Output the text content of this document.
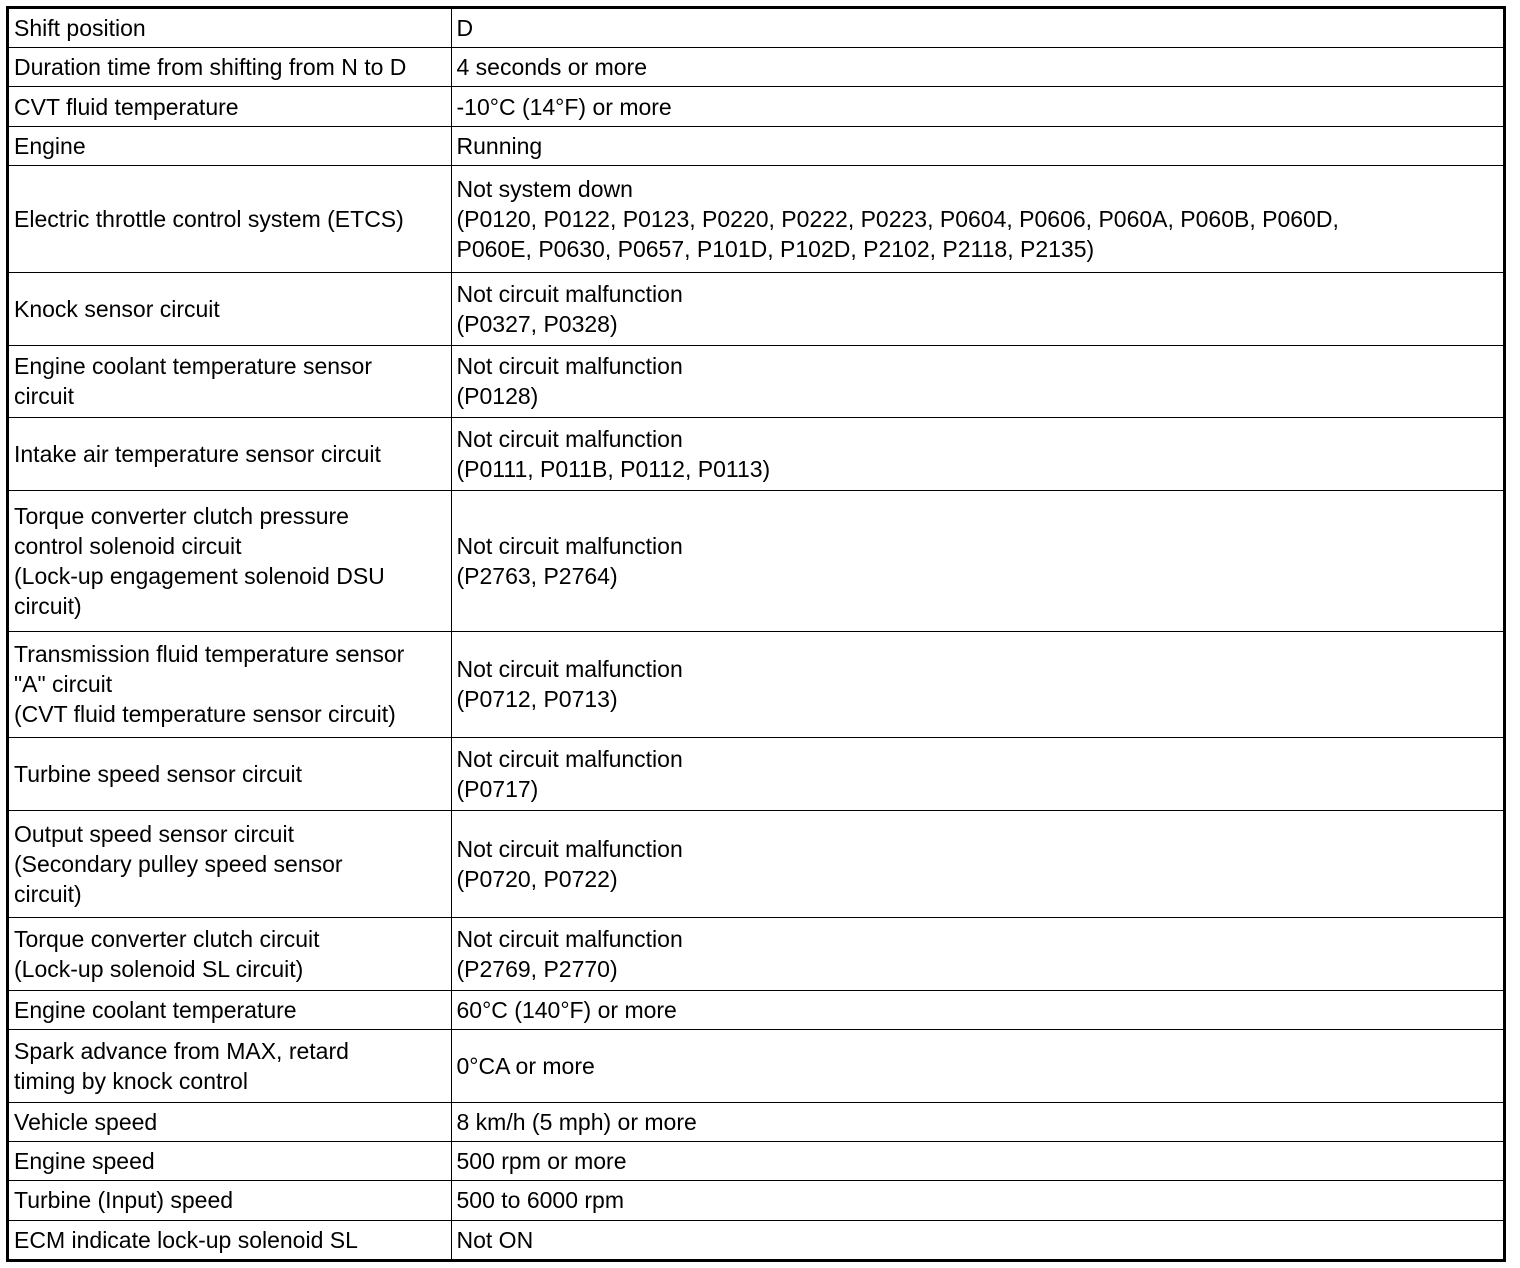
Shift position	D

Duration time from shifting from N to D	4 seconds or more

CVT fluid temperature	-10°C (14°F) or more

Engine	Running

Electric throttle control system (ETCS)	Not system down
(P0120, P0122, P0123, P0220, P0222, P0223, P0604, P0606, P060A, P060B, P060D,
P060E, P0630, P0657, P101D, P102D, P2102, P2118, P2135)

Knock sensor circuit	Not circuit malfunction
(P0327, P0328)

Engine coolant temperature sensor
circuit	Not circuit malfunction
(P0128)

Intake air temperature sensor circuit	Not circuit malfunction
(P0111, P011B, P0112, P0113)

Torque converter clutch pressure
control solenoid circuit
(Lock-up engagement solenoid DSU
circuit)	Not circuit malfunction
(P2763, P2764)

Transmission fluid temperature sensor
"A" circuit
(CVT fluid temperature sensor circuit)	Not circuit malfunction
(P0712, P0713)

Turbine speed sensor circuit	Not circuit malfunction
(P0717)

Output speed sensor circuit
(Secondary pulley speed sensor
circuit)	Not circuit malfunction
(P0720, P0722)

Torque converter clutch circuit
(Lock-up solenoid SL circuit)	Not circuit malfunction
(P2769, P2770)

Engine coolant temperature	60°C (140°F) or more

Spark advance from MAX, retard
timing by knock control	0°CA or more

Vehicle speed	8 km/h (5 mph) or more

Engine speed	500 rpm or more

Turbine (Input) speed	500 to 6000 rpm

ECM indicate lock-up solenoid SL	Not ON
